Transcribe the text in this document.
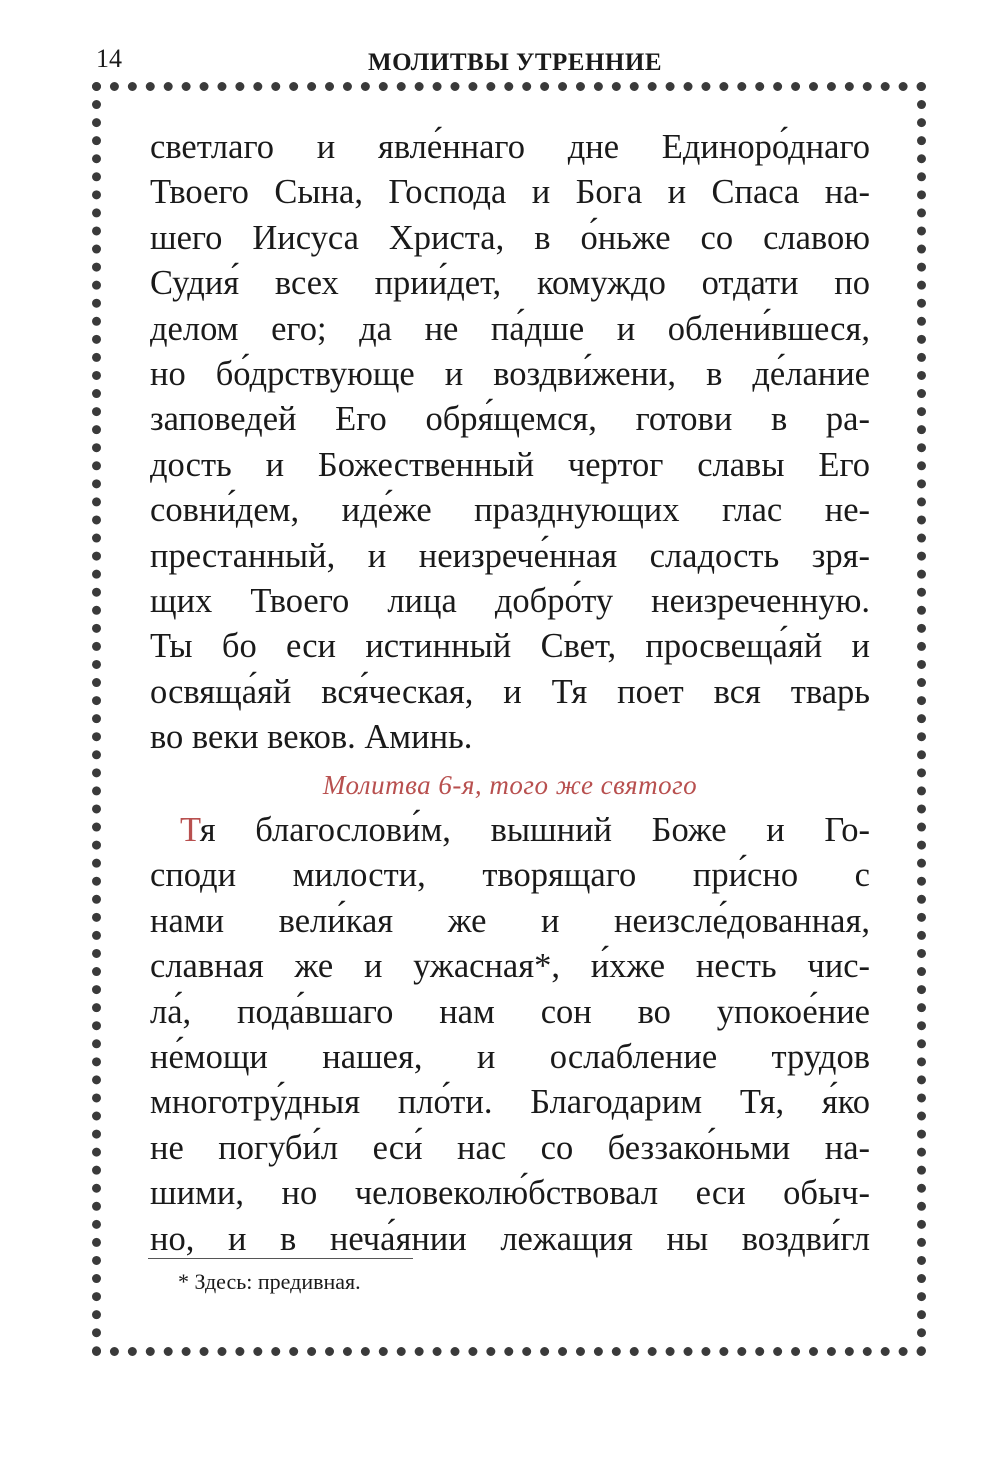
14	МОЛИТВЫ УТРЕННИЕ
светлаго и явле́ннаго дне Единоро́днаго
Твоего Сына, Господа и Бога и Спаса на-
шего Иисуса Христа, в о́ньже со славою
Судия́ всех прии́дет, комуждо отдати по
делом его; да не па́дше и облени́вшеся,
но бо́дрствующе и воздви́жени, в де́лание
заповедей Его обря́щемся, готови в ра-
дость и Божественный чертог славы Его
совни́дем, иде́же празднующих глас не-
престанный, и неизрече́нная сладость зря-
щих Твоего лица добро́ту неизреченную.
Ты бо еси истинный Свет, просвеща́яй и
освяща́яй вся́ческая, и Тя поет вся тварь
во веки веков. Аминь.
Молитва 6-я, того же святого
Тя благослови́м, вышний Боже и Го-
споди милости, творящаго при́сно с
нами вели́кая же и неизсле́дованная,
славная же и ужасная*, и́хже несть чис-
ла́, пода́вшаго нам сон во упокое́ние
не́мощи нашея, и ослабление трудов
многотру́дныя пло́ти. Благодарим Тя, я́ко
не погуби́л еси́ нас со беззако́ньми на-
шими, но человеколю́бствовал еси обыч-
но, и в неча́янии лежащия ны воздви́гл
* Здесь: предивная.
